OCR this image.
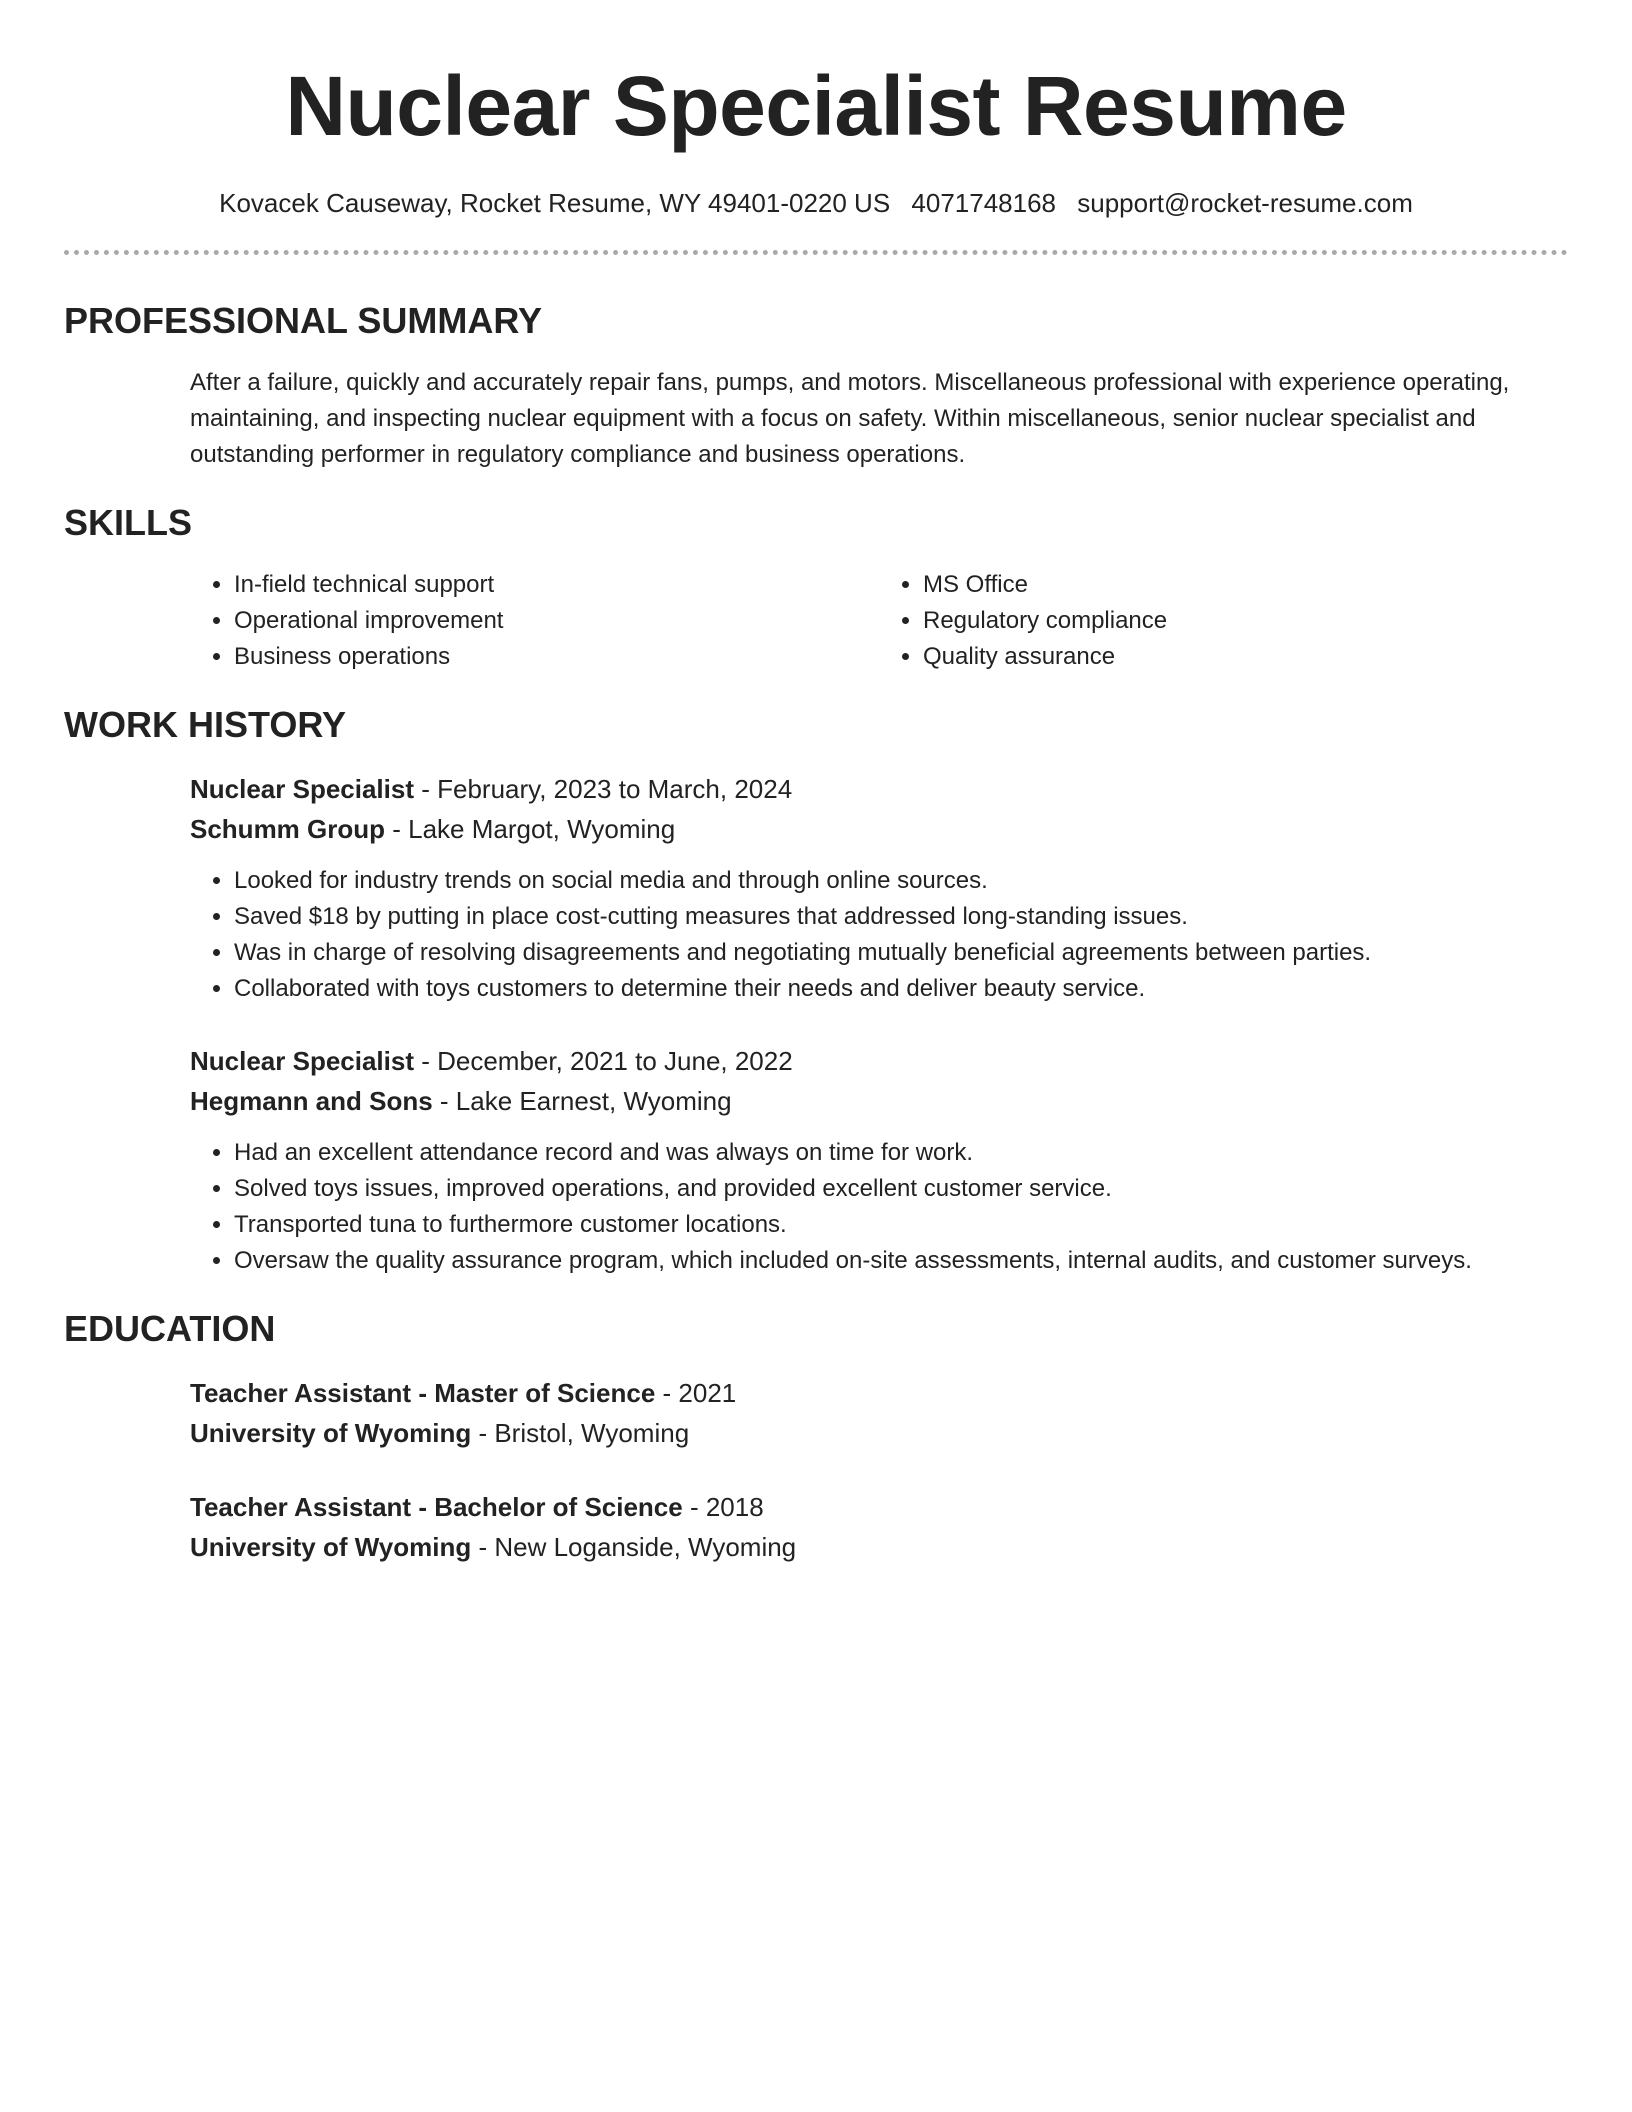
Nuclear Specialist Resume
Kovacek Causeway, Rocket Resume, WY 49401-0220 US 4071748168 support@rocket-resume.com
PROFESSIONAL SUMMARY
After a failure, quickly and accurately repair fans, pumps, and motors. Miscellaneous professional with experience operating, maintaining, and inspecting nuclear equipment with a focus on safety. Within miscellaneous, senior nuclear specialist and outstanding performer in regulatory compliance and business operations.
SKILLS
• In-field technical support
• Operational improvement
• Business operations
• MS Office
• Regulatory compliance
• Quality assurance
WORK HISTORY
Nuclear Specialist - February, 2023 to March, 2024
Schumm Group - Lake Margot, Wyoming
• Looked for industry trends on social media and through online sources.
• Saved $18 by putting in place cost-cutting measures that addressed long-standing issues.
• Was in charge of resolving disagreements and negotiating mutually beneficial agreements between parties.
• Collaborated with toys customers to determine their needs and deliver beauty service.
Nuclear Specialist - December, 2021 to June, 2022
Hegmann and Sons - Lake Earnest, Wyoming
• Had an excellent attendance record and was always on time for work.
• Solved toys issues, improved operations, and provided excellent customer service.
• Transported tuna to furthermore customer locations.
• Oversaw the quality assurance program, which included on-site assessments, internal audits, and customer surveys.
EDUCATION
Teacher Assistant - Master of Science - 2021
University of Wyoming - Bristol, Wyoming
Teacher Assistant - Bachelor of Science - 2018
University of Wyoming - New Loganside, Wyoming
